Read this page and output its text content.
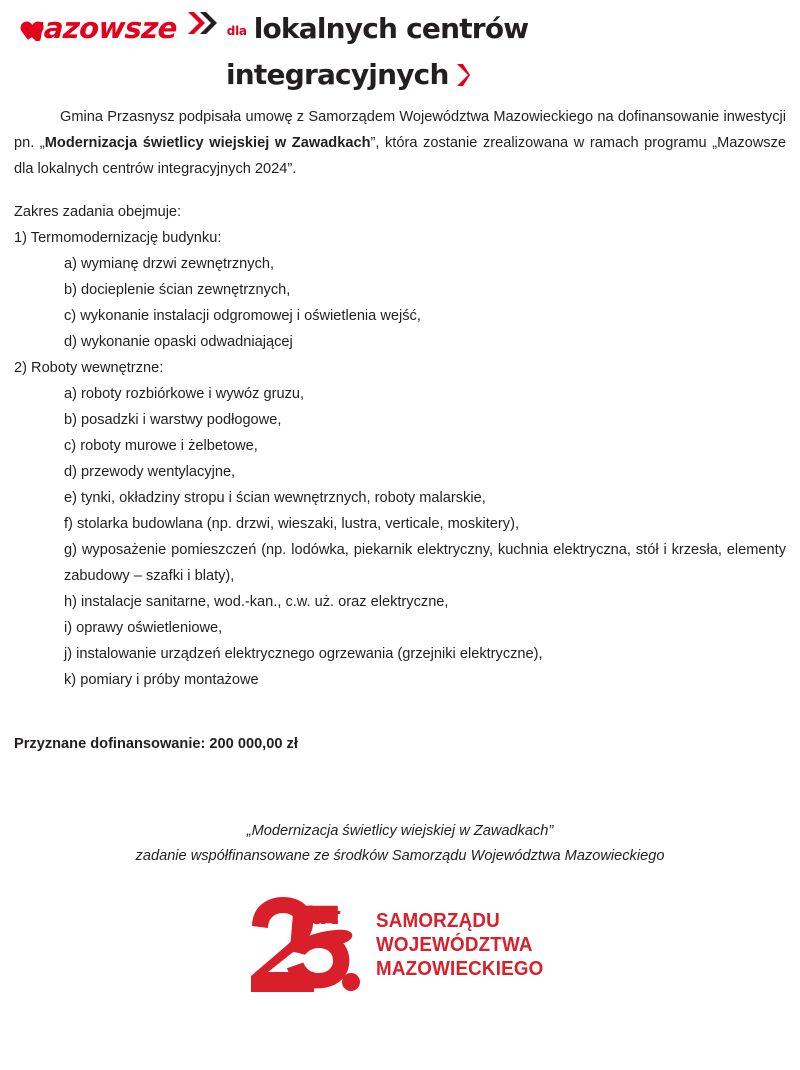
azowsze	dla lokalnych centrów
integracyjnych

Gmina Przasnysz podpisała umowę z Samorządem Województwa Mazowieckiego na dofinansowanie inwestycji pn. „Modernizacja świetlicy wiejskiej w Zawadkach”, która zostanie zrealizowana w ramach programu „Mazowsze dla lokalnych centrów integracyjnych 2024”.

Zakres zadania obejmuje:

1) Termomodernizację budynku:

a) wymianę drzwi zewnętrznych,

b) docieplenie ścian zewnętrznych,

c) wykonanie instalacji odgromowej i oświetlenia wejść,

d) wykonanie opaski odwadniającej

2) Roboty wewnętrzne:

a) roboty rozbiórkowe i wywóz gruzu,

b) posadzki i warstwy podłogowe,

c) roboty murowe i żelbetowe,

d) przewody wentylacyjne,

e) tynki, okładziny stropu i ścian wewnętrznych, roboty malarskie,

f) stolarka budowlana (np. drzwi, wieszaki, lustra, verticale, moskitery),

g) wyposażenie pomieszczeń (np. lodówka, piekarnik elektryczny, kuchnia elektryczna, stół i krzesła, elementy zabudowy – szafki i blaty),

h) instalacje sanitarne, wod.-kan., c.w. uż. oraz elektryczne,

i) oprawy oświetleniowe,

j) instalowanie urządzeń elektrycznego ogrzewania (grzejniki elektryczne),

k) pomiary i próby montażowe

Przyznane dofinansowanie: 200 000,00 zł

„Modernizacja świetlicy wiejskiej w Zawadkach”
zadanie współfinansowane ze środków Samorządu Województwa Mazowieckiego
lat SAMORZĄDU
WOJEWÓDZTWA
MAZOWIECKIEGO
